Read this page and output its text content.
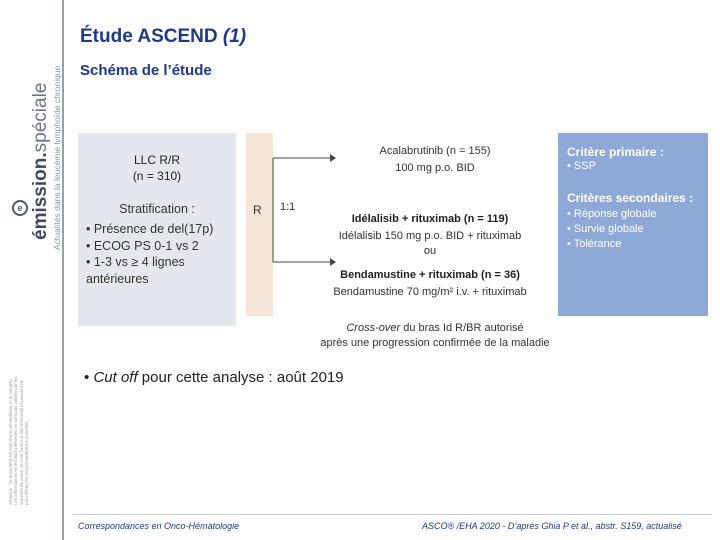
e émission.spéciale Actualités dans la leucémie lymphoïde chronique
Attention : ce document est issu d'une présentation à un congrès. Les informations et résultats présentés ne sont pas validés par les autorités de santé. Ils sont fournis à titre informatif et peuvent ne pas refléter les recommandations actuelles.
Étude ASCEND (1)
Schéma de l’étude
LLC R/R
(n = 310)
Stratification :
• Présence de del(17p)
• ECOG PS 0-1 vs 2
• 1-3 vs ≥ 4 lignes antérieures
R 1:1
Acalabrutinib (n = 155)
100 mg p.o. BID
Idélalisib + rituximab (n = 119)
Idélalisib 150 mg p.o. BID + rituximab
ou
Bendamustine + rituximab (n = 36)
Bendamustine 70 mg/m² i.v. + rituximab
Critère primaire :
• SSP
Critères secondaires :
• Réponse globale
• Survie globale
• Tolérance
Cross-over du bras Id R/BR autorisé
après une progression confirmée de la maladie
• Cut off pour cette analyse : août 2019
Correspondances en Onco-Hématologie	ASCO® /EHA 2020 - D’après Ghia P et al., abstr. S159, actualisé
